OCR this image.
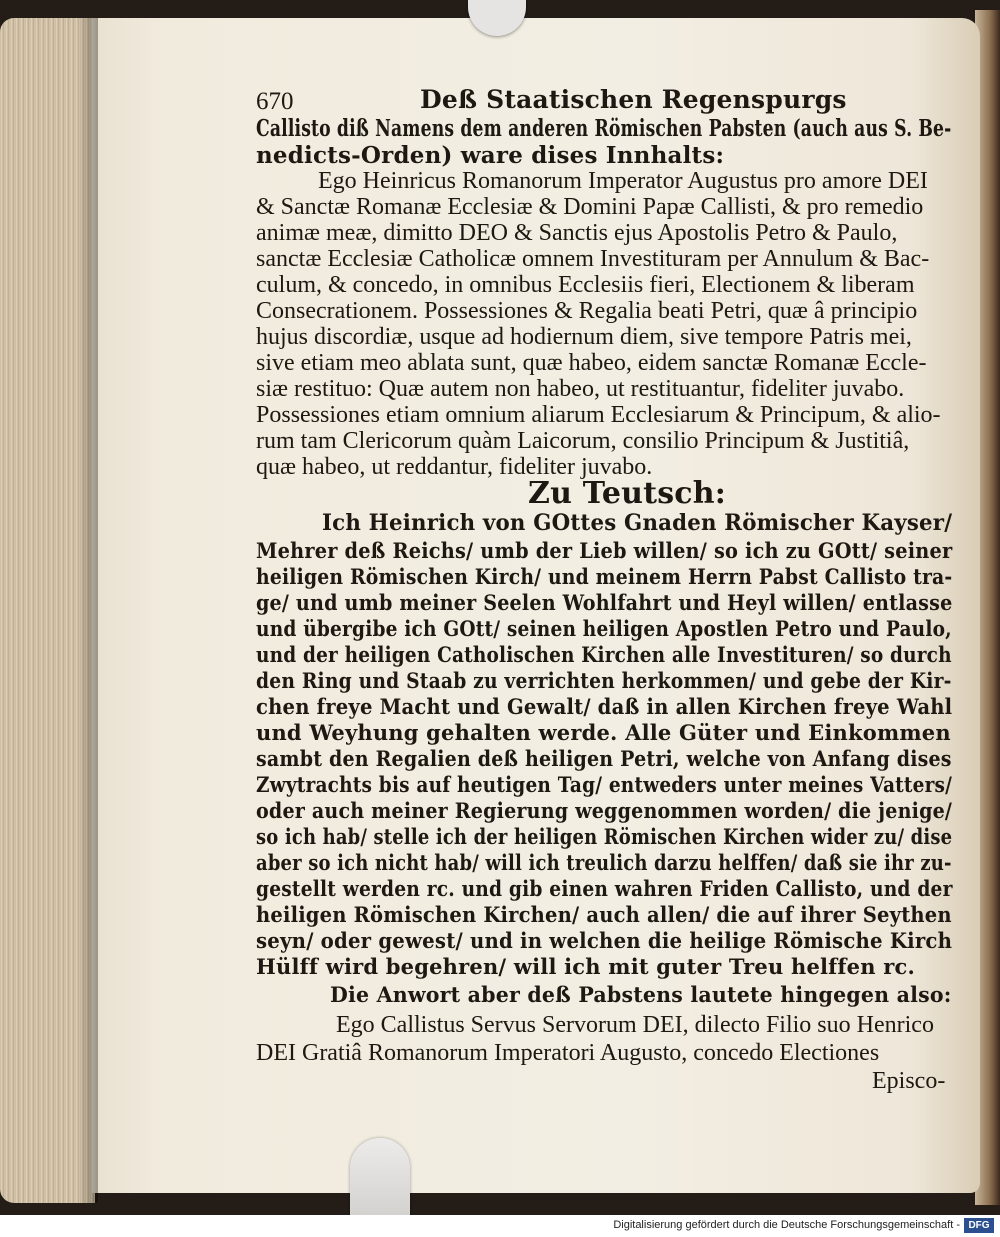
670	Deß Staatischen Regenspurgs

Callisto diß Namens dem anderen Römischen Pabsten (auch aus S. Be-

nedicts-Orden) ware dises Innhalts:

Ego Heinricus Romanorum Imperator Augustus pro amore DEI

& Sanctæ Romanæ Ecclesiæ & Domini Papæ Callisti, & pro remedio

animæ meæ, dimitto DEO & Sanctis ejus Apostolis Petro & Paulo,

sanctæ Ecclesiæ Catholicæ omnem Investituram per Annulum & Bac-

culum, & concedo, in omnibus Ecclesiis fieri, Electionem & liberam

Consecrationem. Possessiones & Regalia beati Petri, quæ â principio

hujus discordiæ, usque ad hodiernum diem, sive tempore Patris mei,

sive etiam meo ablata sunt, quæ habeo, eidem sanctæ Romanæ Eccle-

siæ restituo: Quæ autem non habeo, ut restituantur, fideliter juvabo.

Possessiones etiam omnium aliarum Ecclesiarum & Principum, & alio-

rum tam Clericorum quàm Laicorum, consilio Principum & Justitiâ,

quæ habeo, ut reddantur, fideliter juvabo.

Zu Teutsch:

Ich Heinrich von GOttes Gnaden Römischer Kayser/

Mehrer deß Reichs/ umb der Lieb willen/ so ich zu GOtt/ seiner

heiligen Römischen Kirch/ und meinem Herrn Pabst Callisto tra-

ge/ und umb meiner Seelen Wohlfahrt und Heyl willen/ entlasse

und übergibe ich GOtt/ seinen heiligen Apostlen Petro und Paulo,

und der heiligen Catholischen Kirchen alle Investituren/ so durch

den Ring und Staab zu verrichten herkommen/ und gebe der Kir-

chen freye Macht und Gewalt/ daß in allen Kirchen freye Wahl

und Weyhung gehalten werde. Alle Güter und Einkommen

sambt den Regalien deß heiligen Petri, welche von Anfang dises

Zwytrachts bis auf heutigen Tag/ entweders unter meines Vatters/

oder auch meiner Regierung weggenommen worden/ die jenige/

so ich hab/ stelle ich der heiligen Römischen Kirchen wider zu/ dise

aber so ich nicht hab/ will ich treulich darzu helffen/ daß sie ihr zu-

gestellt werden rc. und gib einen wahren Friden Callisto, und der

heiligen Römischen Kirchen/ auch allen/ die auf ihrer Seythen

seyn/ oder gewest/ und in welchen die heilige Römische Kirch

Hülff wird begehren/ will ich mit guter Treu helffen rc.

Die Anwort aber deß Pabstens lautete hingegen also:

Ego Callistus Servus Servorum DEI, dilecto Filio suo Henrico

DEI Gratiâ Romanorum Imperatori Augusto, concedo Electiones

Episco-

Digitalisierung gefördert durch die Deutsche Forschungsgemeinschaft - DFG
